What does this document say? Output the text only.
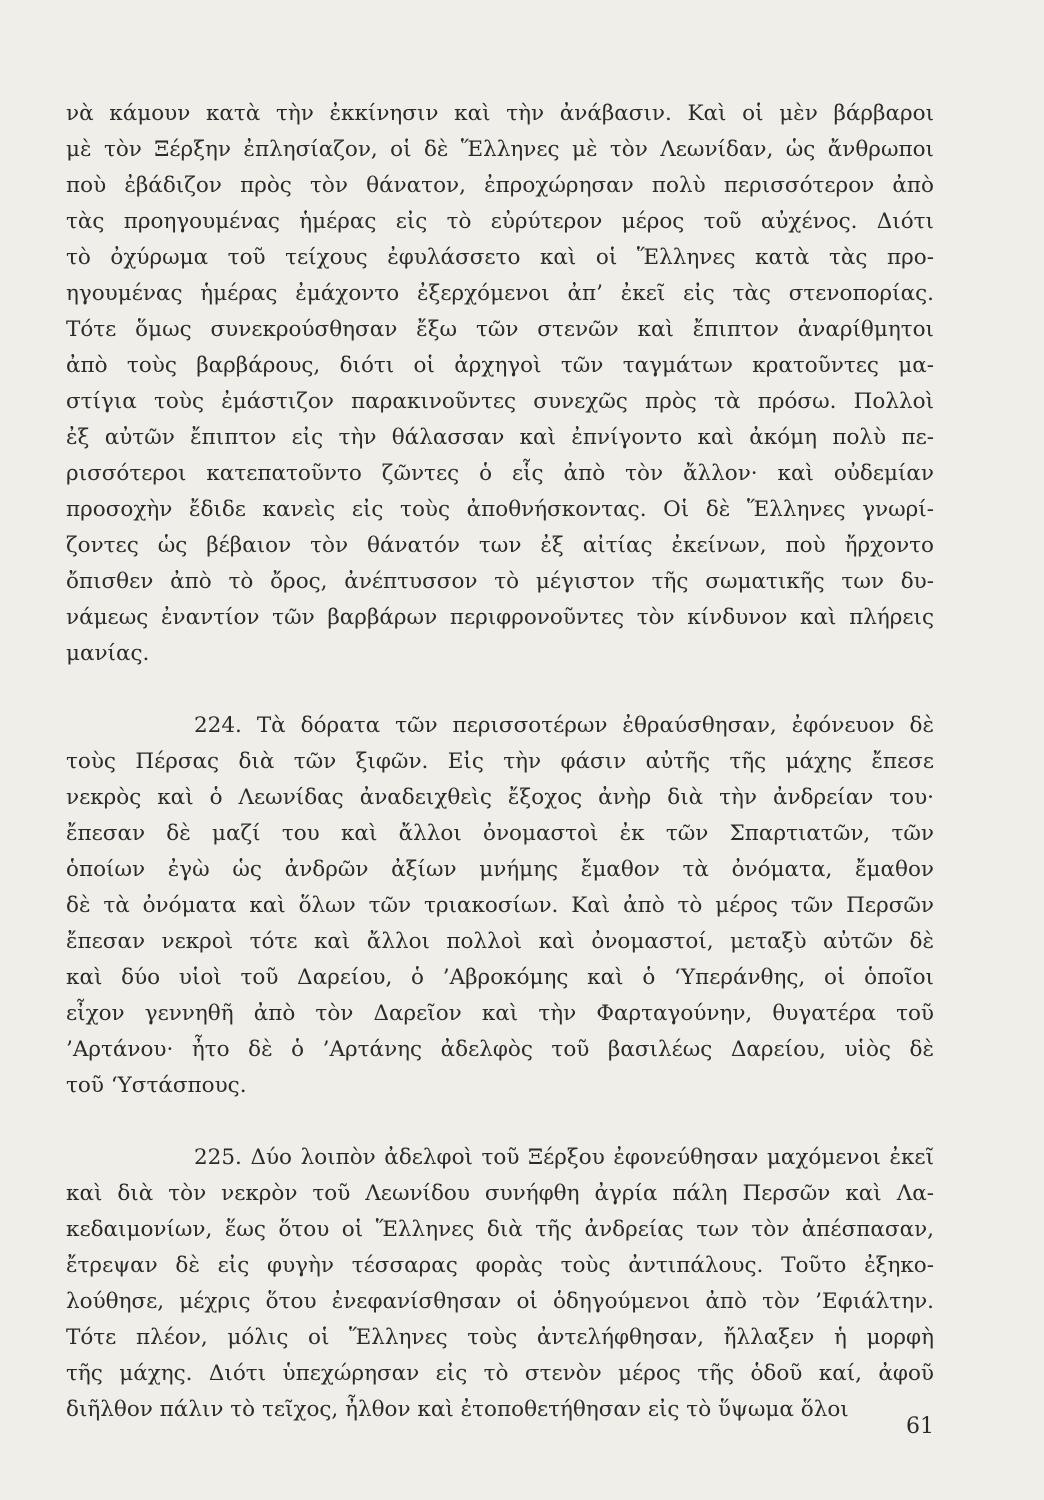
νὰ κάμουν κατὰ τὴν ἐκκίνησιν καὶ τὴν ἀνάβασιν. Καὶ οἱ μὲν βάρβαροι
μὲ τὸν Ξέρξην ἐπλησίαζον, οἱ δὲ Ἕλληνες μὲ τὸν Λεωνίδαν, ὡς ἄνθρωποι
ποὺ ἐβάδιζον πρὸς τὸν θάνατον, ἐπροχώρησαν πολὺ περισσότερον ἀπὸ
τὰς προηγουμένας ἡμέρας εἰς τὸ εὐρύτερον μέρος τοῦ αὐχένος. Διότι
τὸ ὀχύρωμα τοῦ τείχους ἐφυλάσσετο καὶ οἱ Ἕλληνες κατὰ τὰς προ-
ηγουμένας ἡμέρας ἐμάχοντο ἐξερχόμενοι ἀπ’ ἐκεῖ εἰς τὰς στενοπορίας.
Τότε ὅμως συνεκρούσθησαν ἔξω τῶν στενῶν καὶ ἔπιπτον ἀναρίθμητοι
ἀπὸ τοὺς βαρβάρους, διότι οἱ ἀρχηγοὶ τῶν ταγμάτων κρατοῦντες μα-
στίγια τοὺς ἐμάστιζον παρακινοῦντες συνεχῶς πρὸς τὰ πρόσω. Πολλοὶ
ἐξ αὐτῶν ἔπιπτον εἰς τὴν θάλασσαν καὶ ἐπνίγοντο καὶ ἀκόμη πολὺ πε-
ρισσότεροι κατεπατοῦντο ζῶντες ὁ εἷς ἀπὸ τὸν ἄλλον· καὶ οὐδεμίαν
προσοχὴν ἔδιδε κανεὶς εἰς τοὺς ἀποθνήσκοντας. Οἱ δὲ Ἕλληνες γνωρί-
ζοντες ὡς βέβαιον τὸν θάνατόν των ἐξ αἰτίας ἐκείνων, ποὺ ἤρχοντο
ὄπισθεν ἀπὸ τὸ ὄρος, ἀνέπτυσσον τὸ μέγιστον τῆς σωματικῆς των δυ-
νάμεως ἐναντίον τῶν βαρβάρων περιφρονοῦντες τὸν κίνδυνον καὶ πλήρεις
μανίας.
224. Τὰ δόρατα τῶν περισσοτέρων ἐθραύσθησαν, ἐφόνευον δὲ
τοὺς Πέρσας διὰ τῶν ξιφῶν. Εἰς τὴν φάσιν αὐτῆς τῆς μάχης ἔπεσε
νεκρὸς καὶ ὁ Λεωνίδας ἀναδειχθεὶς ἔξοχος ἀνὴρ διὰ τὴν ἀνδρείαν του·
ἔπεσαν δὲ μαζί του καὶ ἄλλοι ὀνομαστοὶ ἐκ τῶν Σπαρτιατῶν, τῶν
ὁποίων ἐγὼ ὡς ἀνδρῶν ἀξίων μνήμης ἔμαθον τὰ ὀνόματα, ἔμαθον
δὲ τὰ ὀνόματα καὶ ὅλων τῶν τριακοσίων. Καὶ ἀπὸ τὸ μέρος τῶν Περσῶν
ἔπεσαν νεκροὶ τότε καὶ ἄλλοι πολλοὶ καὶ ὀνομαστοί, μεταξὺ αὐτῶν δὲ
καὶ δύο υἱοὶ τοῦ Δαρείου, ὁ ’Αβροκόμης καὶ ὁ ‘Υπεράνθης, οἱ ὁποῖοι
εἶχον γεννηθῆ ἀπὸ τὸν Δαρεῖον καὶ τὴν Φαρταγούνην, θυγατέρα τοῦ
’Αρτάνου· ἦτο δὲ ὁ ’Αρτάνης ἀδελφὸς τοῦ βασιλέως Δαρείου, υἱὸς δὲ
τοῦ ‘Υστάσπους.
225. Δύο λοιπὸν ἀδελφοὶ τοῦ Ξέρξου ἐφονεύθησαν μαχόμενοι ἐκεῖ
καὶ διὰ τὸν νεκρὸν τοῦ Λεωνίδου συνήφθη ἀγρία πάλη Περσῶν καὶ Λα-
κεδαιμονίων, ἕως ὅτου οἱ Ἕλληνες διὰ τῆς ἀνδρείας των τὸν ἀπέσπασαν,
ἔτρεψαν δὲ εἰς φυγὴν τέσσαρας φορὰς τοὺς ἀντιπάλους. Τοῦτο ἐξηκο-
λούθησε, μέχρις ὅτου ἐνεφανίσθησαν οἱ ὁδηγούμενοι ἀπὸ τὸν ’Εφιάλτην.
Τότε πλέον, μόλις οἱ Ἕλληνες τοὺς ἀντελήφθησαν, ἤλλαξεν ἡ μορφὴ
τῆς μάχης. Διότι ὑπεχώρησαν εἰς τὸ στενὸν μέρος τῆς ὁδοῦ καί, ἀφοῦ
διῆλθον πάλιν τὸ τεῖχος, ἦλθον καὶ ἐτοποθετήθησαν εἰς τὸ ὕψωμα ὅλοι
61
